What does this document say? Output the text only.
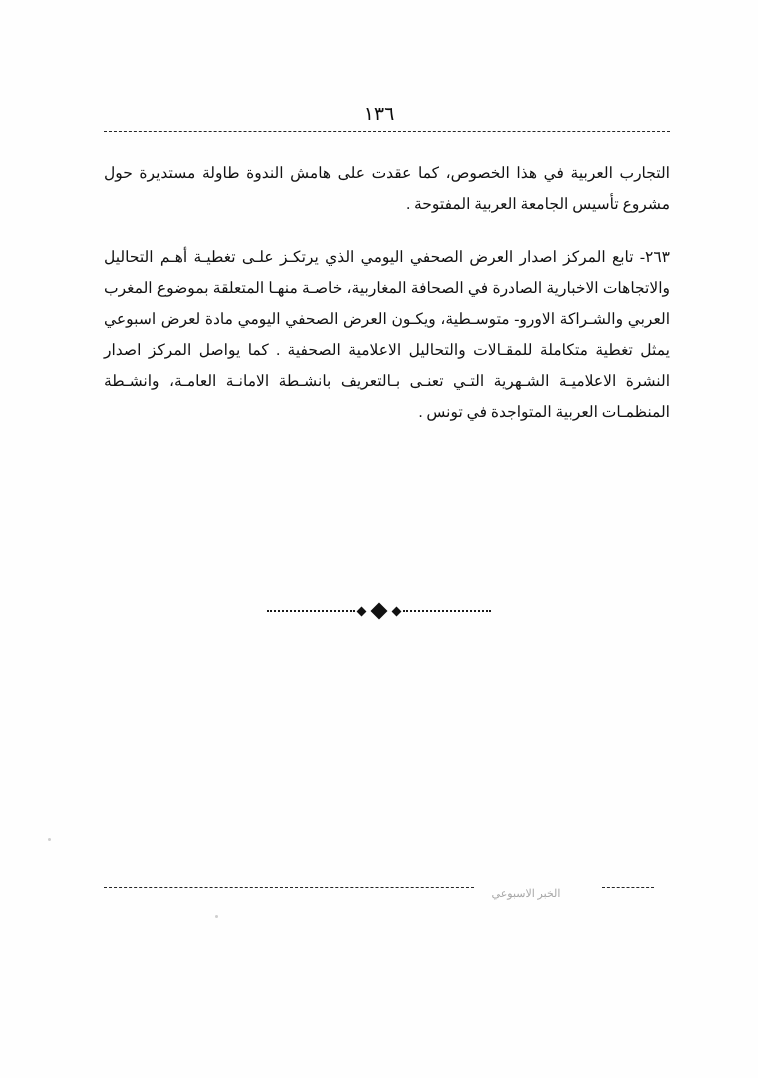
١٣٦

التجارب العربية في هذا الخصوص، كما عقدت على هامش الندوة طاولة مستديرة حول مشروع تأسيس الجامعة العربية المفتوحة .

٢٦٣- تابع المركز اصدار العرض الصحفي اليومي الذي يرتكـز علـى تغطيـة أهـم التحاليل والاتجاهات الاخبارية الصادرة في الصحافة المغاربية، خاصـة منهـا المتعلقة بموضوع المغرب العربي والشـراكة الاورو- متوسـطية، ويكـون العرض الصحفي اليومي مادة لعرض اسبوعي يمثل تغطية متكاملة للمقـالات والتحاليل الاعلامية الصحفية . كما يواصل المركز اصدار النشرة الاعلاميـة الشـهرية التـي تعنـى بـالتعريف بانشـطة الامانـة العامـة، وانشـطة المنظمـات العربية المتواجدة في تونس .

الخبر الاسبوعي
